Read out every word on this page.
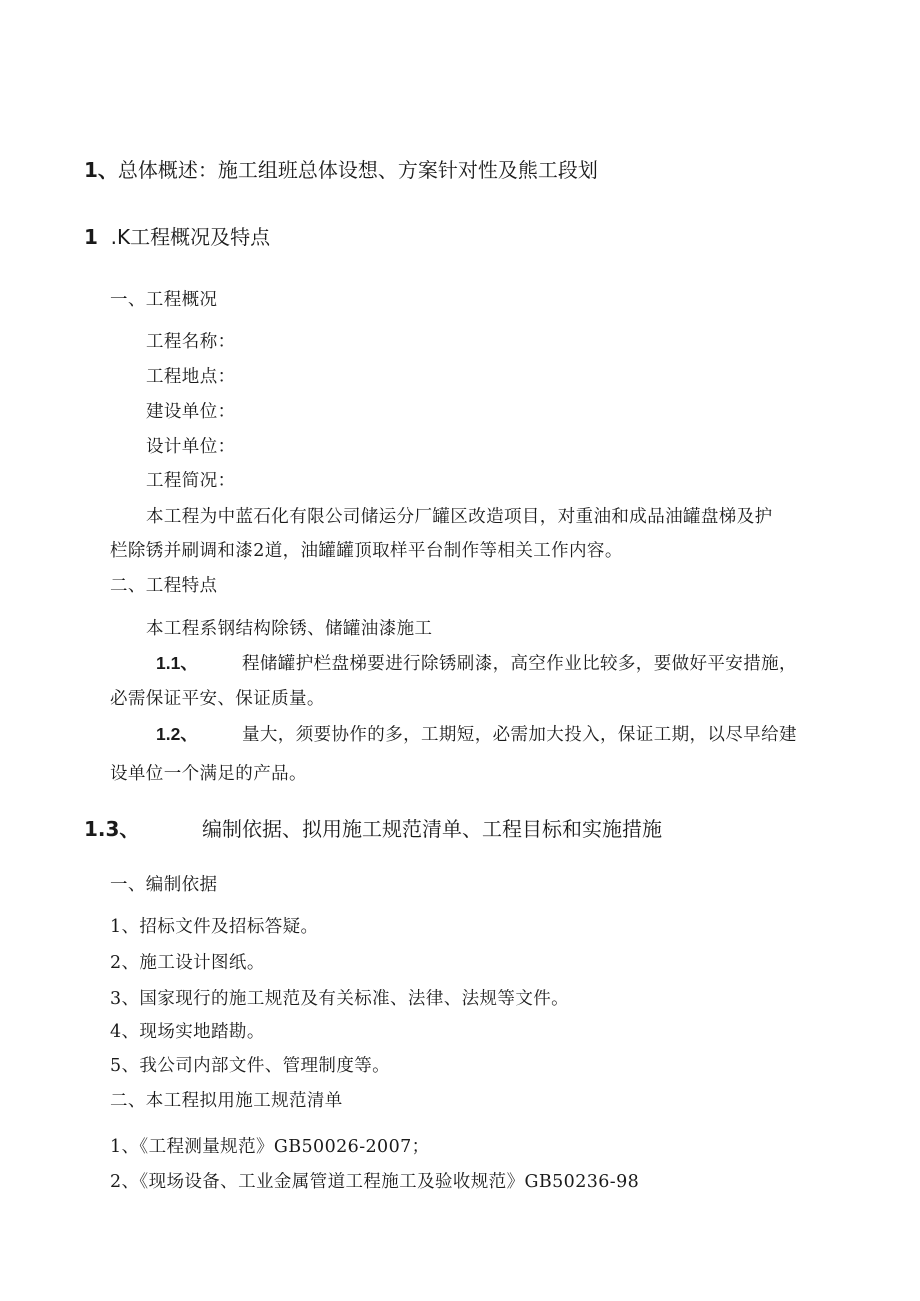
1、总体概述：施工组班总体设想、方案针对性及熊工段划
1 .K工程概况及特点
一、工程概况
工程名称：
工程地点：
建设单位：
设计单位：
工程简况：
本工程为中蓝石化有限公司储运分厂罐区改造项目，对重油和成品油罐盘梯及护
栏除锈并刷调和漆2道，油罐罐顶取样平台制作等相关工作内容。
二、工程特点
本工程系钢结构除锈、储罐油漆施工
1.1、	程储罐护栏盘梯要进行除锈刷漆，高空作业比较多，要做好平安措施，
必需保证平安、保证质量。
1.2、	量大，须要协作的多，工期短，必需加大投入，保证工期，以尽早给建
设单位一个满足的产品。
1.3、	编制依据、拟用施工规范清单、工程目标和实施措施
一、编制依据
1、招标文件及招标答疑。
2、施工设计图纸。
3、国家现行的施工规范及有关标准、法律、法规等文件。
4、现场实地踏勘。
5、我公司内部文件、管理制度等。
二、本工程拟用施工规范清单
1、《工程测量规范》GB50026-2007；
2、《现场设备、工业金属管道工程施工及验收规范》GB50236-98
